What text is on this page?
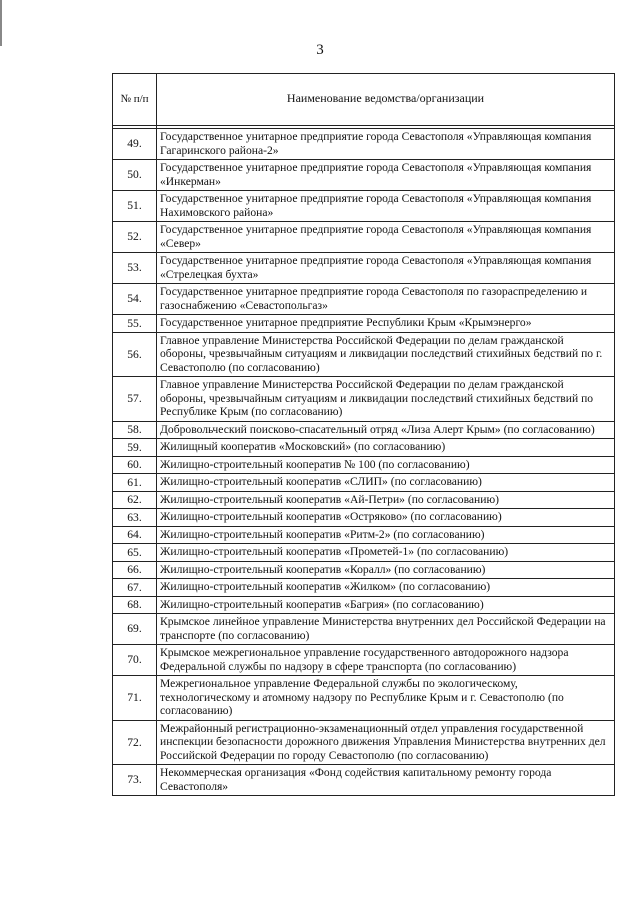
3
№ п/п	Наименование ведомства/организации

49.	Государственное унитарное предприятие города Севастополя «Управляющая компания Гагаринского района-2»
50.	Государственное унитарное предприятие города Севастополя «Управляющая компания «Инкерман»
51.	Государственное унитарное предприятие города Севастополя «Управляющая компания Нахимовского района»
52.	Государственное унитарное предприятие города Севастополя «Управляющая компания «Север»
53.	Государственное унитарное предприятие города Севастополя «Управляющая компания «Стрелецкая бухта»
54.	Государственное унитарное предприятие города Севастополя по газораспределению и газоснабжению «Севастопольгаз»
55.	Государственное унитарное предприятие Республики Крым «Крымэнерго»
56.	Главное управление Министерства Российской Федерации по делам гражданской обороны, чрезвычайным ситуациям и ликвидации последствий стихийных бедствий по г. Севастополю (по согласованию)
57.	Главное управление Министерства Российской Федерации по делам гражданской обороны, чрезвычайным ситуациям и ликвидации последствий стихийных бедствий по Республике Крым (по согласованию)
58.	Добровольческий поисково-спасательный отряд «Лиза Алерт Крым» (по согласованию)
59.	Жилищный кооператив «Московский» (по согласованию)
60.	Жилищно-строительный кооператив № 100 (по согласованию)
61.	Жилищно-строительный кооператив «СЛИП» (по согласованию)
62.	Жилищно-строительный кооператив «Ай-Петри» (по согласованию)
63.	Жилищно-строительный кооператив «Остряково» (по согласованию)
64.	Жилищно-строительный кооператив «Ритм-2» (по согласованию)
65.	Жилищно-строительный кооператив «Прометей-1» (по согласованию)
66.	Жилищно-строительный кооператив «Коралл» (по согласованию)
67.	Жилищно-строительный кооператив «Жилком» (по согласованию)
68.	Жилищно-строительный кооператив «Багрия» (по согласованию)
69.	Крымское линейное управление Министерства внутренних дел Российской Федерации на транспорте (по согласованию)
70.	Крымское межрегиональное управление государственного автодорожного надзора Федеральной службы по надзору в сфере транспорта (по согласованию)
71.	Межрегиональное управление Федеральной службы по экологическому, технологическому и атомному надзору по Республике Крым и г. Севастополю (по согласованию)
72.	Межрайонный регистрационно-экзаменационный отдел управления государственной инспекции безопасности дорожного движения Управления Министерства внутренних дел Российской Федерации по городу Севастополю (по согласованию)
73.	Некоммерческая организация «Фонд содействия капитальному ремонту города Севастополя»
